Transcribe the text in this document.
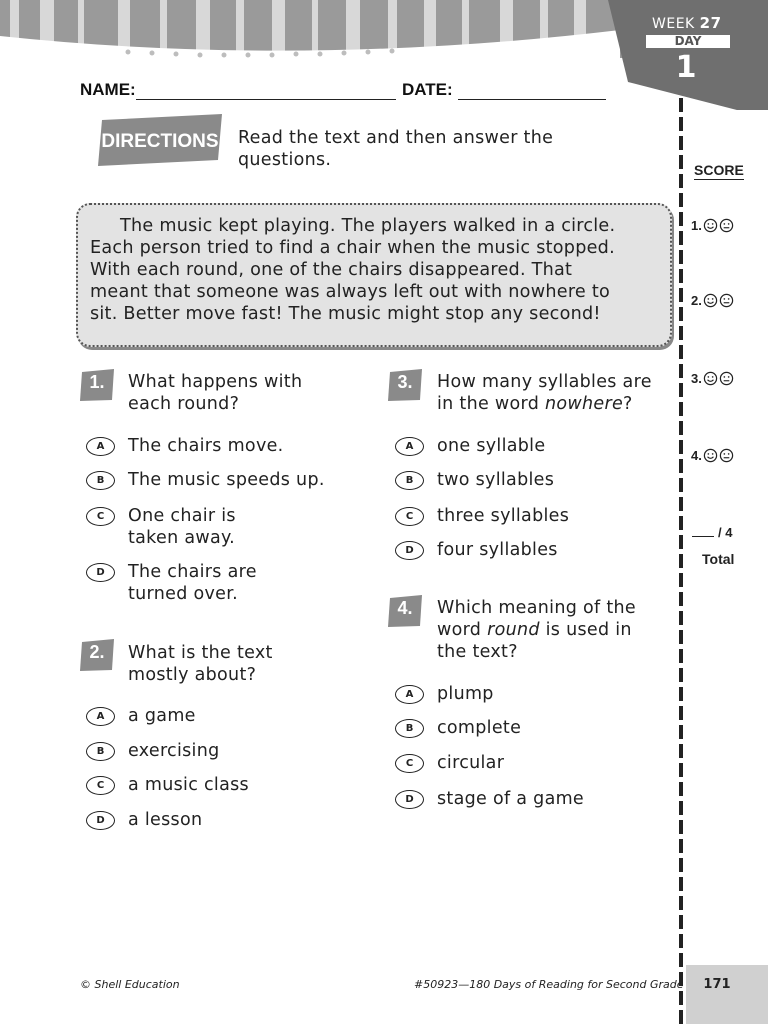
WEEK 27
DAY
1
NAME:	DATE:
DIRECTIONS Read the text and then answer the questions.
The music kept playing. The players walked in a circle.
Each person tried to find a chair when the music stopped.
With each round, one of the chairs disappeared. That
meant that someone was always left out with nowhere to
sit. Better move fast! The music might stop any second!
1.	What happens with
each round?
A	The chairs move.
B	The music speeds up.
C	One chair is
taken away.
D	The chairs are
turned over.
2.	What is the text
mostly about?
A	a game
B	exercising
C	a music class
D	a lesson
3.	How many syllables are
in the word nowhere?
A	one syllable
B	two syllables
C	three syllables
D	four syllables
4.	Which meaning of the
word round is used in
the text?
A	plump
B	complete
C	circular
D	stage of a game
SCORE
1.
2.
3.
4.
/ 4
Total
© Shell Education	#50923—180 Days of Reading for Second Grade	171
